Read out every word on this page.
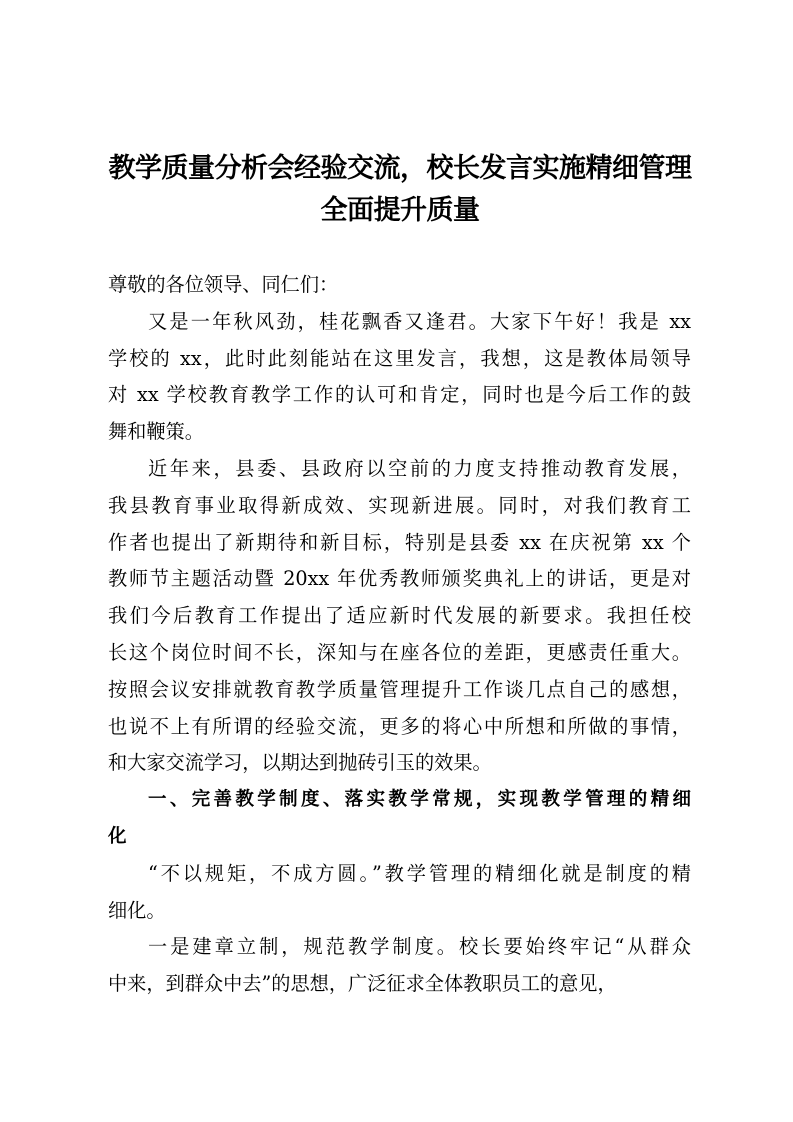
教学质量分析会经验交流，校长发言实施精细管理
全面提升质量
尊敬的各位领导、同仁们：
又是一年秋风劲，桂花飘香又逢君。大家下午好！我是 xx
学校的 xx，此时此刻能站在这里发言，我想，这是教体局领导
对 xx 学校教育教学工作的认可和肯定，同时也是今后工作的鼓
舞和鞭策。
近年来，县委、县政府以空前的力度支持推动教育发展，
我县教育事业取得新成效、实现新进展。同时，对我们教育工
作者也提出了新期待和新目标，特别是县委 xx 在庆祝第 xx 个
教师节主题活动暨 20xx 年优秀教师颁奖典礼上的讲话，更是对
我们今后教育工作提出了适应新时代发展的新要求。我担任校
长这个岗位时间不长，深知与在座各位的差距，更感责任重大。
按照会议安排就教育教学质量管理提升工作谈几点自己的感想，
也说不上有所谓的经验交流，更多的将心中所想和所做的事情，
和大家交流学习，以期达到抛砖引玉的效果。
一、完善教学制度、落实教学常规，实现教学管理的精细
化
“不以规矩，不成方圆。”教学管理的精细化就是制度的精
细化。
一是建章立制，规范教学制度。校长要始终牢记“从群众
中来，到群众中去”的思想，广泛征求全体教职员工的意见，
